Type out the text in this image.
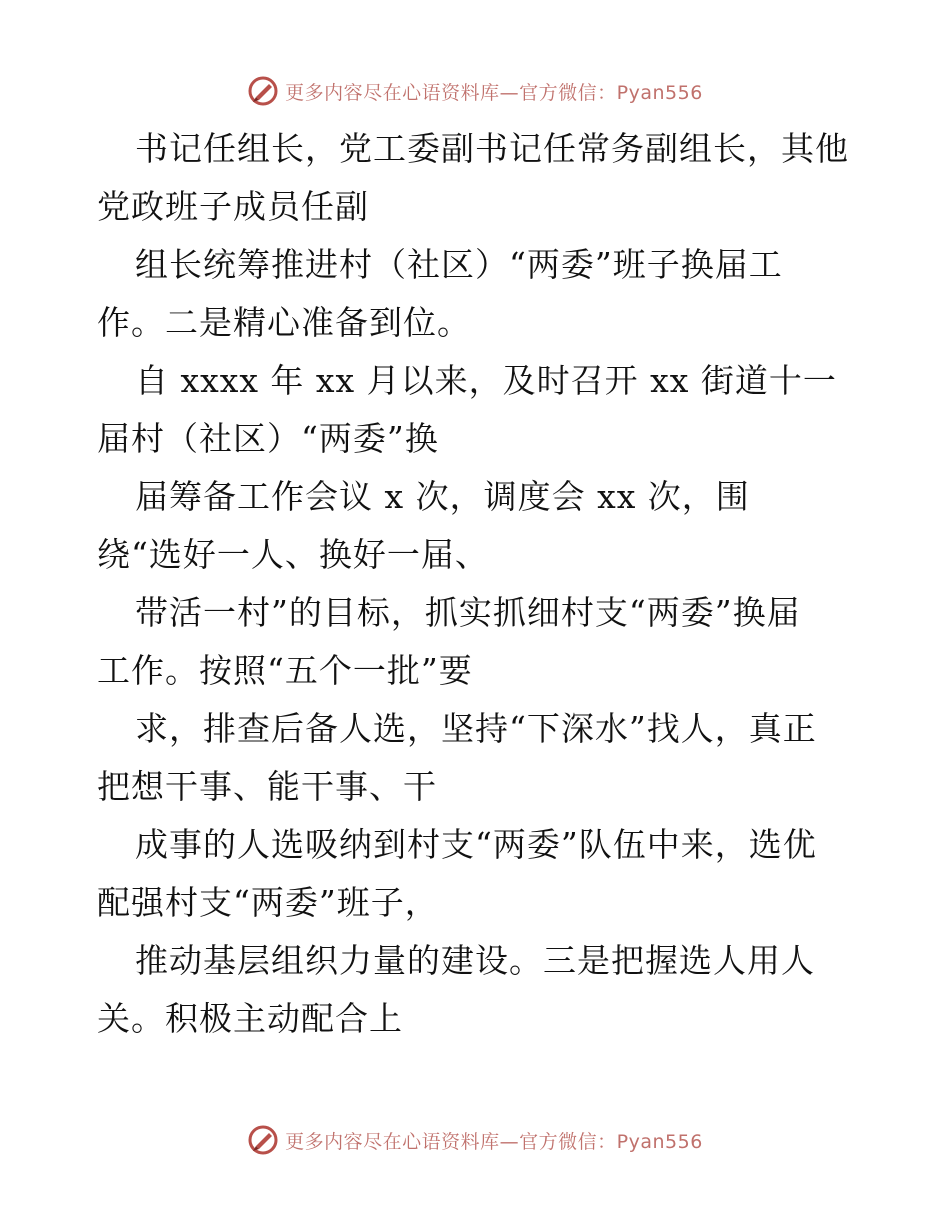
更多内容尽在心语资料库—官方微信：Pyan556
书记任组长，党工委副书记任常务副组长，其他
党政班子成员任副
组长统筹推进村（社区）“两委”班子换届工
作。二是精心准备到位。
自 xxxx 年 xx 月以来，及时召开 xx 街道十一
届村（社区）“两委”换
届筹备工作会议 x 次，调度会 xx 次，围
绕“选好一人、换好一届、
带活一村”的目标，抓实抓细村支“两委”换届
工作。按照“五个一批”要
求，排查后备人选，坚持“下深水”找人，真正
把想干事、能干事、干
成事的人选吸纳到村支“两委”队伍中来，选优
配强村支“两委”班子，
推动基层组织力量的建设。三是把握选人用人
关。积极主动配合上
更多内容尽在心语资料库—官方微信：Pyan556
